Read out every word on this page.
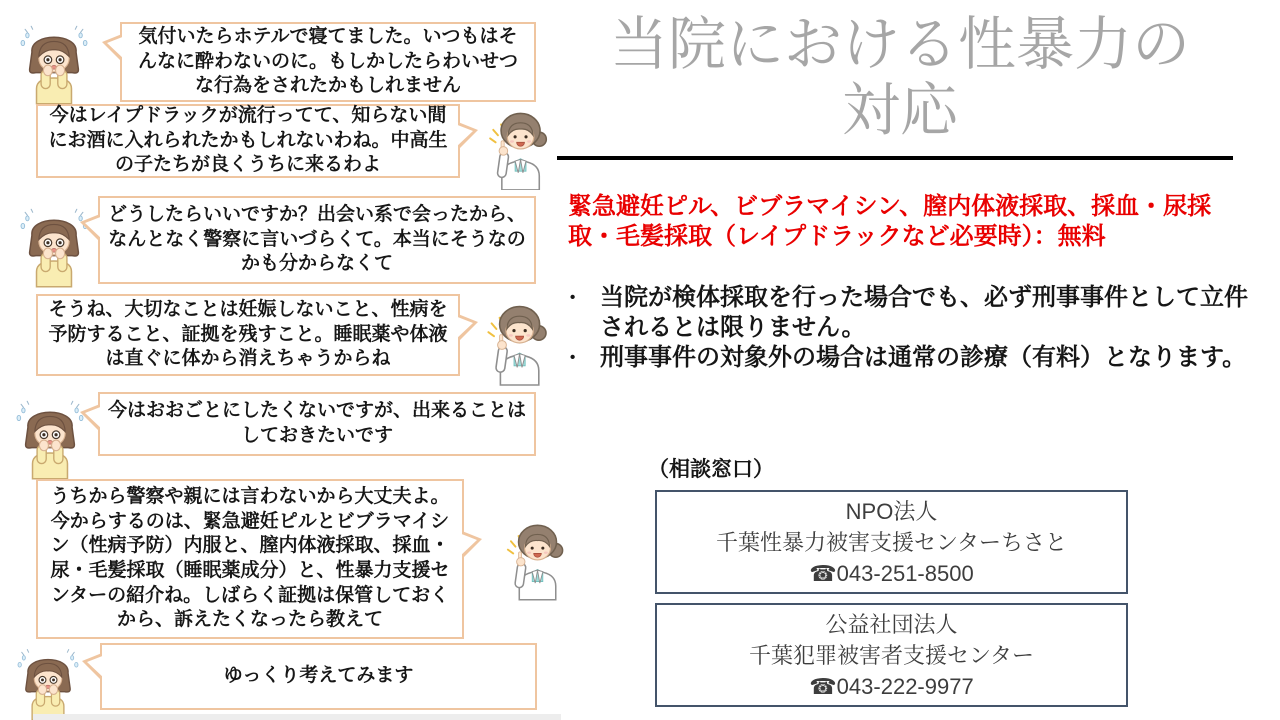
気付いたらホテルで寝てました。いつもはそんなに酔わないのに。もしかしたらわいせつな行為をされたかもしれません
今はレイプドラックが流行ってて、知らない間にお酒に入れられたかもしれないわね。中高生の子たちが良くうちに来るわよ
どうしたらいいですか？出会い系で会ったから、なんとなく警察に言いづらくて。本当にそうなのかも分からなくて
そうね、大切なことは妊娠しないこと、性病を予防すること、証拠を残すこと。睡眠薬や体液は直ぐに体から消えちゃうからね
今はおおごとにしたくないですが、出来ることはしておきたいです
うちから警察や親には言わないから大丈夫よ。今からするのは、緊急避妊ピルとビブラマイシン（性病予防）内服と、膣内体液採取、採血・尿・毛髪採取（睡眠薬成分）と、性暴力支援センターの紹介ね。しばらく証拠は保管しておくから、訴えたくなったら教えて
ゆっくり考えてみます
当院における性暴力の
対応
緊急避妊ピル、ビブラマイシン、膣内体液採取、採血・尿採取・毛髪採取（レイプドラックなど必要時）：無料
•	当院が検体採取を行った場合でも、必ず刑事事件として立件されるとは限りません。
•	刑事事件の対象外の場合は通常の診療（有料）となります。
（相談窓口）
NPO法人
千葉性暴力被害支援センターちさと
☎043-251-8500
公益社団法人
千葉犯罪被害者支援センター
☎043-222-9977
